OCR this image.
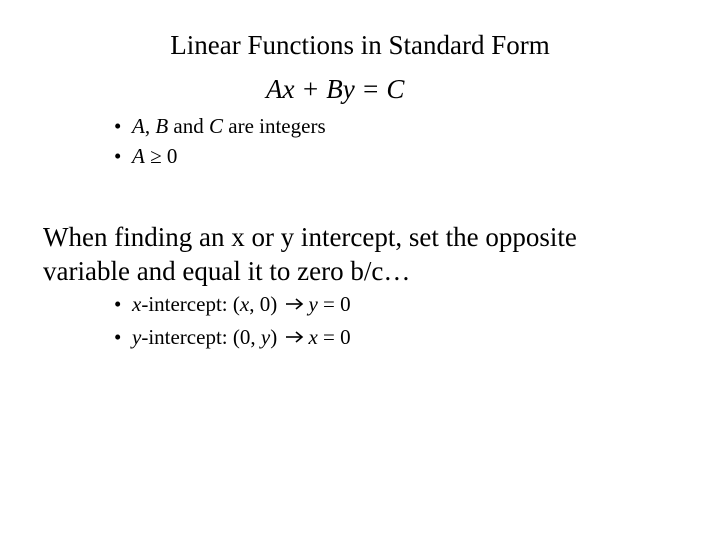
Linear Functions in Standard Form
Ax + By = C
• A, B and C are integers
• A ≥ 0
When finding an x or y intercept, set the opposite
variable and equal it to zero b/c…
• x-intercept: (x, 0) y = 0
• y-intercept: (0, y) x = 0
